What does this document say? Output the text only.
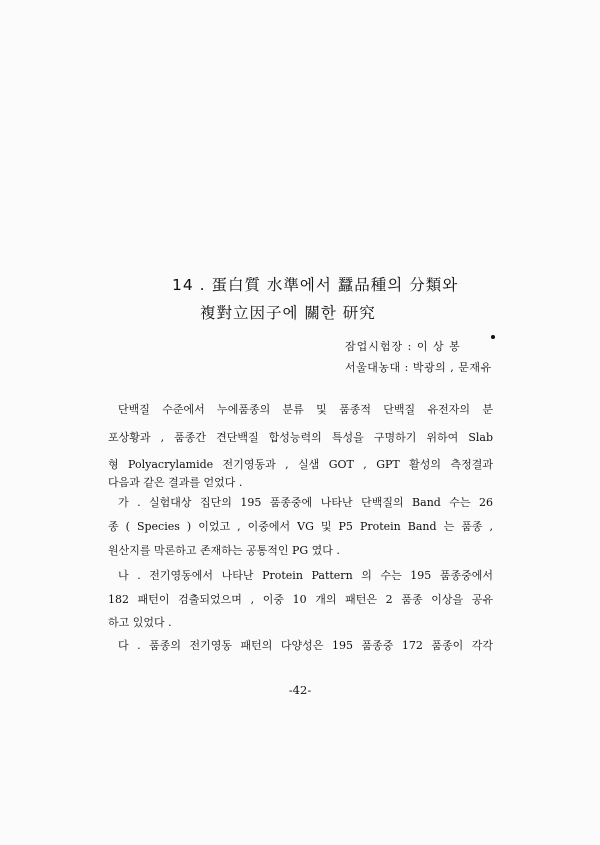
14 . 蛋白質 水準에서 蠶品種의 分類와
複對立因子에 關한 研究
잠업시험장 : 이 상 봉
서울대농대 : 박광의 , 문재유
단백질 수준에서 누에품종의 분류 및 품종적 단백질 유전자의 분
포상황과 , 품종간 견단백질 합성능력의 특성을 구명하기 위하여 Slab
형 Polyacrylamide 전기영동과 , 실샘 GOT , GPT 활성의 측정결과
다음과 같은 결과를 얻었다 .
가 . 실험대상 집단의 195 품종중에 나타난 단백질의 Band 수는 26
종 ( Species ) 이었고 , 이중에서 VG 및 P5 Protein Band 는 품종 ,
원산지를 막론하고 존재하는 공통적인 PG 였다 .
나 . 전기영동에서 나타난 Protein Pattern 의 수는 195 품종중에서
182 패턴이 검출되었으며 , 이중 10 개의 패턴은 2 품종 이상을 공유
하고 있었다 .
다 . 품종의 전기영동 패턴의 다양성은 195 품종중 172 품종이 각각
-42-
